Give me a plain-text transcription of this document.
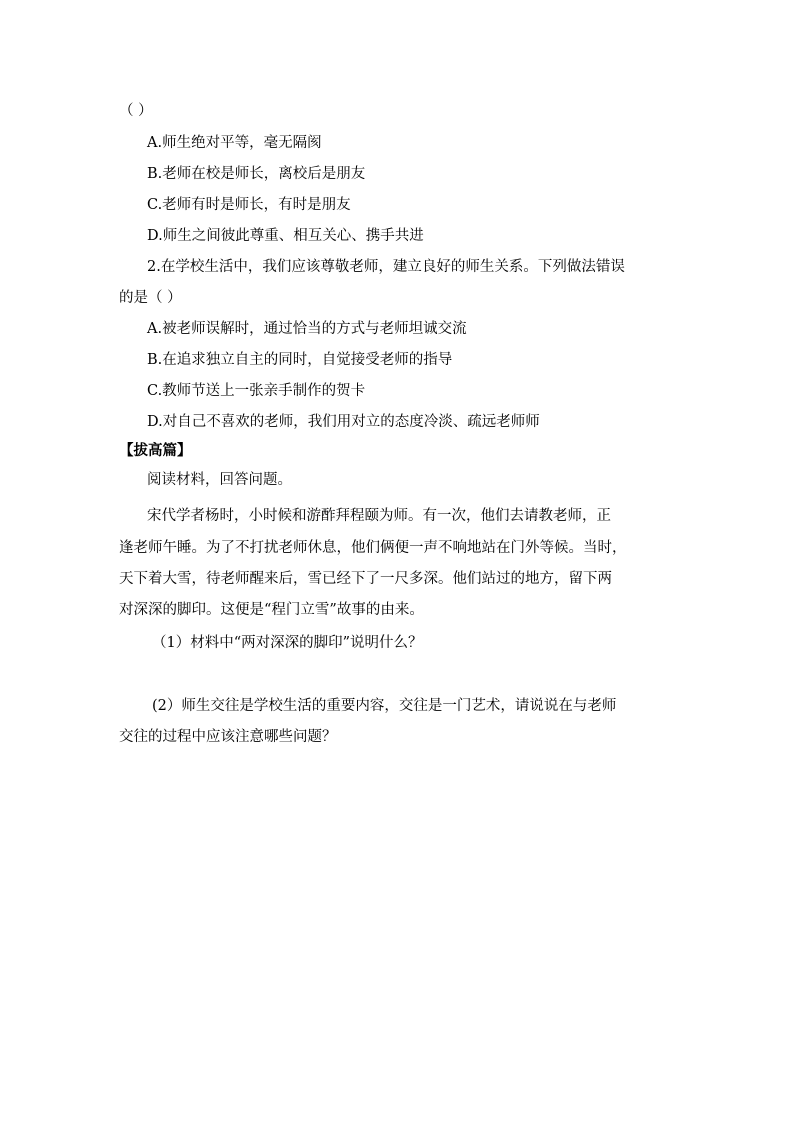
（ ）
A.师生绝对平等，毫无隔阂
B.老师在校是师长，离校后是朋友
C.老师有时是师长，有时是朋友
D.师生之间彼此尊重、相互关心、携手共进
2.在学校生活中，我们应该尊敬老师，建立良好的师生关系。下列做法错误
的是（ ）
A.被老师误解时，通过恰当的方式与老师坦诚交流
B.在追求独立自主的同时，自觉接受老师的指导
C.教师节送上一张亲手制作的贺卡
D.对自己不喜欢的老师，我们用对立的态度冷淡、疏远老师师
【拔高篇】
阅读材料，回答问题。
宋代学者杨时，小时候和游酢拜程颐为师。有一次，他们去请教老师，正
逢老师午睡。为了不打扰老师休息，他们俩便一声不响地站在门外等候。当时，
天下着大雪，待老师醒来后，雪已经下了一尺多深。他们站过的地方，留下两
对深深的脚印。这便是“程门立雪”故事的由来。
（1）材料中“两对深深的脚印”说明什么？
(2）师生交往是学校生活的重要内容，交往是一门艺术，请说说在与老师
交往的过程中应该注意哪些问题？
